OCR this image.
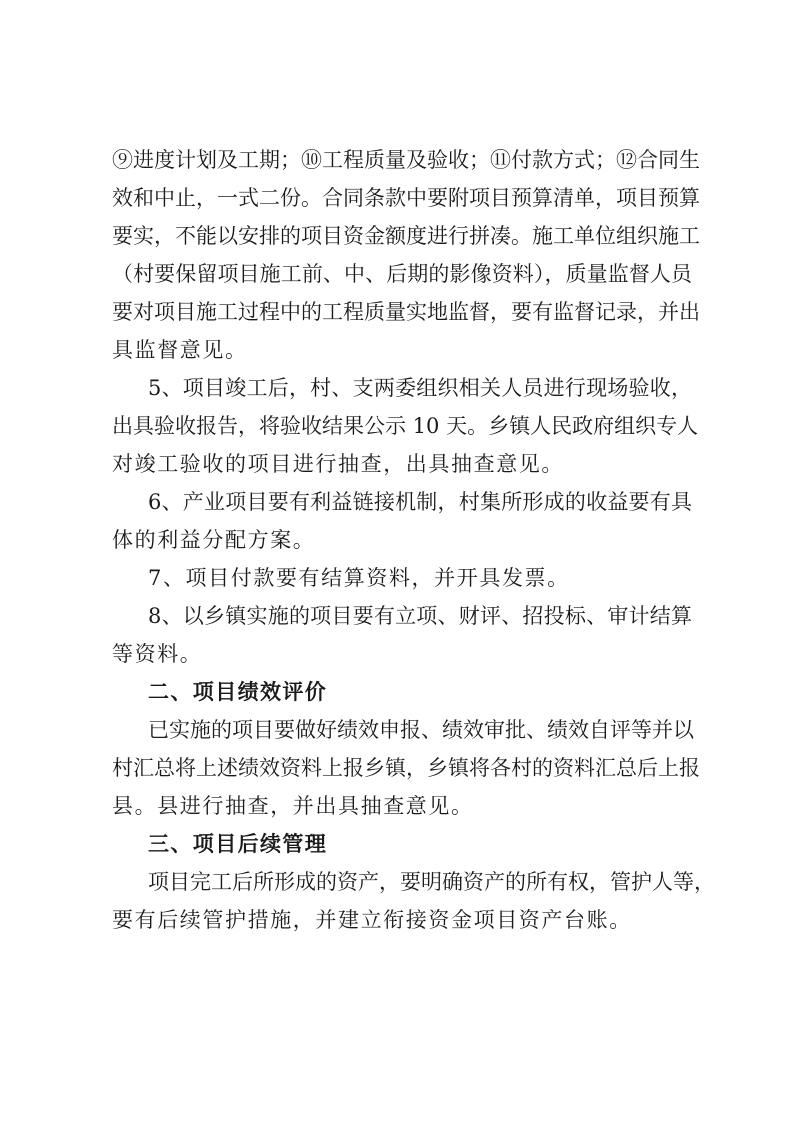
⑨进度计划及工期；⑩工程质量及验收；⑪付款方式；⑫合同生
效和中止，一式二份。合同条款中要附项目预算清单，项目预算
要实，不能以安排的项目资金额度进行拼凑。施工单位组织施工
（村要保留项目施工前、中、后期的影像资料），质量监督人员
要对项目施工过程中的工程质量实地监督，要有监督记录，并出
具监督意见。
5、项目竣工后，村、支两委组织相关人员进行现场验收，
出具验收报告，将验收结果公示 10 天。乡镇人民政府组织专人
对竣工验收的项目进行抽查，出具抽查意见。
6、产业项目要有利益链接机制，村集所形成的收益要有具
体的利益分配方案。
7、项目付款要有结算资料，并开具发票。
8、以乡镇实施的项目要有立项、财评、招投标、审计结算
等资料。
二、项目绩效评价
已实施的项目要做好绩效申报、绩效审批、绩效自评等并以
村汇总将上述绩效资料上报乡镇，乡镇将各村的资料汇总后上报
县。县进行抽查，并出具抽查意见。
三、项目后续管理
项目完工后所形成的资产，要明确资产的所有权，管护人等，
要有后续管护措施，并建立衔接资金项目资产台账。
